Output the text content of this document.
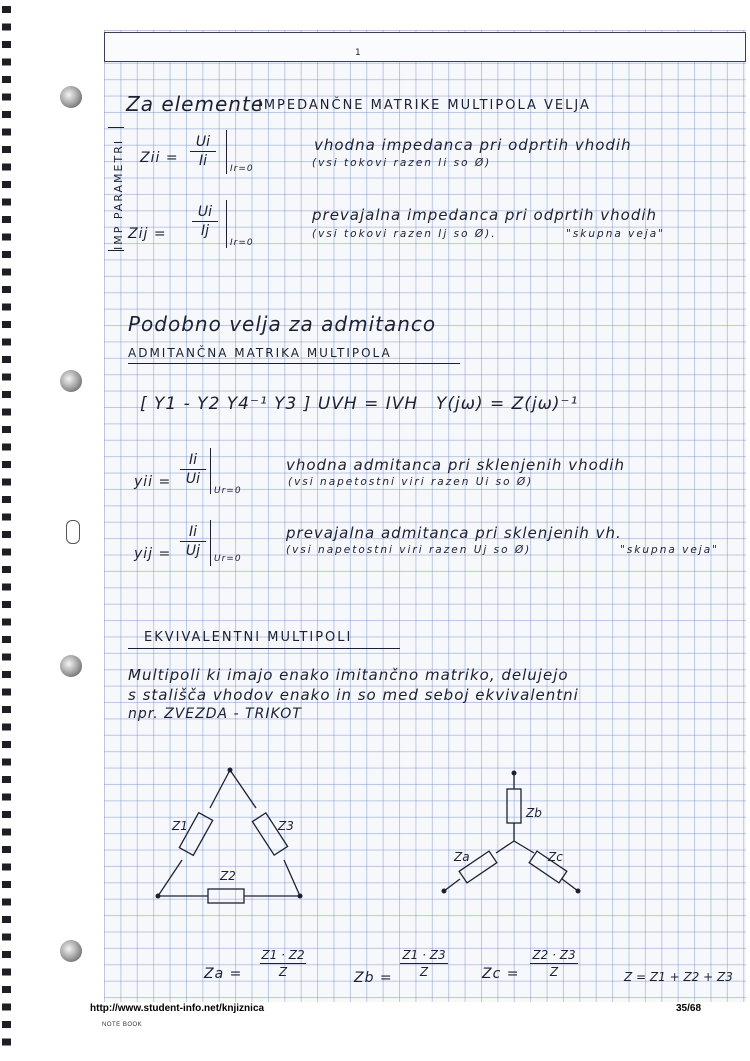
1
Za elemente
IMPEDANČNE MATRIKE MULTIPOLA VELJA
IMP PARAMETRI Zii =
Ui
Ii	Ir=0
vhodna impedanca pri odprtih vhodih
(vsi tokovi razen Ii so Ø)
Zij =
Ui
Ij
Ir=0
prevajalna impedanca pri odprtih vhodih
(vsi tokovi razen Ij so Ø).	"skupna veja"
Podobno velja za admitanco
ADMITANČNA MATRIKA MULTIPOLA
[ Y1 - Y2 Y4⁻¹ Y3 ] UVH = IVH Y(jω) = Z(jω)⁻¹
yii =
Ii
Ui
Ur=0
vhodna admitanca pri sklenjenih vhodih
(vsi napetostni viri razen Ui so Ø)
yij =
Ii
Uj	Ur=0
prevajalna admitanca pri sklenjenih vh.
(vsi napetostni viri razen Uj so Ø)	"skupna veja"
EKVIVALENTNI MULTIPOLI
Multipoli ki imajo enako imitančno matriko, delujejo
s stališča vhodov enako in so med seboj ekvivalentni
npr. ZVEZDA - TRIKOT
Z1
Z2
Z3
Za
Zb
Zc
Za =
Z1 · Z2
Z	Zb =
Z1 · Z3
Z	Zc =
Z2 · Z3
Z	Z = Z1 + Z2 + Z3
http://www.student-info.net/knjiznica	35/68
NOTE BOOK
